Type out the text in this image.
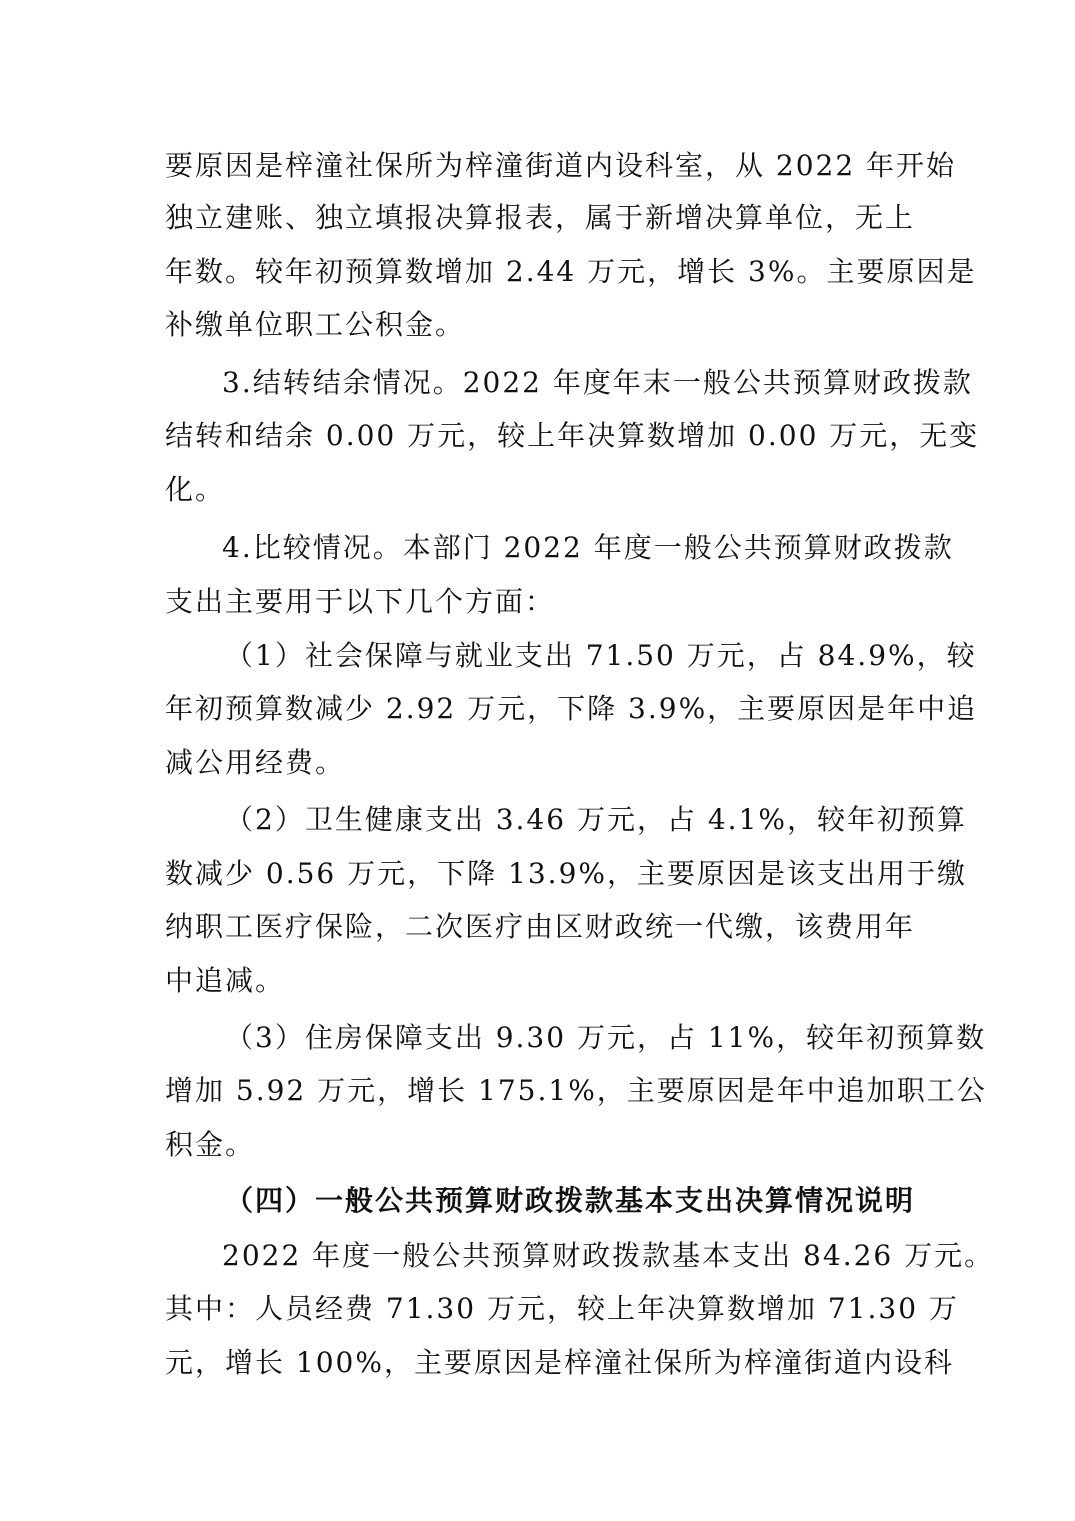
要原因是梓潼社保所为梓潼街道内设科室，从 2022 年开始
独立建账、独立填报决算报表，属于新增决算单位，无上
年数。较年初预算数增加 2.44 万元，增长 3%。主要原因是
补缴单位职工公积金。
3.结转结余情况。2022 年度年末一般公共预算财政拨款
结转和结余 0.00 万元，较上年决算数增加 0.00 万元，无变
化。
4.比较情况。本部门 2022 年度一般公共预算财政拨款
支出主要用于以下几个方面：
（1）社会保障与就业支出 71.50 万元，占 84.9%，较
年初预算数减少 2.92 万元，下降 3.9%，主要原因是年中追
减公用经费。
（2）卫生健康支出 3.46 万元，占 4.1%，较年初预算
数减少 0.56 万元，下降 13.9%，主要原因是该支出用于缴
纳职工医疗保险，二次医疗由区财政统一代缴，该费用年
中追减。
（3）住房保障支出 9.30 万元，占 11%，较年初预算数
增加 5.92 万元，增长 175.1%，主要原因是年中追加职工公
积金。
（四）一般公共预算财政拨款基本支出决算情况说明
2022 年度一般公共预算财政拨款基本支出 84.26 万元。
其中：人员经费 71.30 万元，较上年决算数增加 71.30 万
元，增长 100%，主要原因是梓潼社保所为梓潼街道内设科
